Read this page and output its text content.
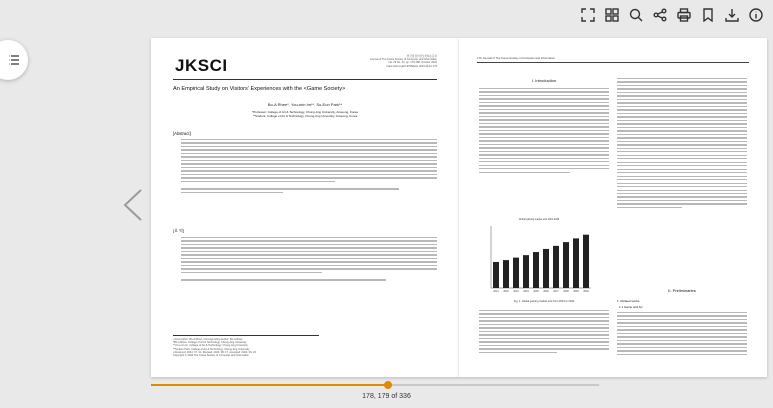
JKSCI	한국컴퓨터정보학회논문지
Journal of The Korea Society of Computer and Information
Vol. 29 No. 10, pp. 179-188, October 2024
https://doi.org/10.9708/jksci.2024.29.10.179
An Empirical Study on Visitors' Experiences with the <Game Society>
Bo-A Rhee*, You-min Im**, So-Eun Park**
*Professor, College of Art & Technology, Chung-Ang University, Anseong, Korea
**Student, College of Art & Technology, Chung-Ang University, Anseong, Korea
[Abstract]
[요 약]
• First Author: Bo-A Rhee, Corresponding Author: Bo-A Rhee
*Bo-A Rhee, College of Art & Technology, Chung-Ang University
**You-min Im, College of Art & Technology, Chung-Ang University
**So-Eun Park, College of Art & Technology, Chung-Ang University
• Received: 2024. 07. 31, Revised: 2024. 08. 17, Accepted: 2024. 09. 23.
Copyright © 2024 The Korea Society of Computer and Information
176 Journal of The Korea Society of Computer and Information
I. Introduction
Global gaming market size 2021-2030
2021 2022 2023 2024 2025 2026 2027 2028 2029 2030
Fig. 1. Global gaming market size from 2021 to 2030
II. Preliminaries
1. Related works
1.1 Game and Art
178, 179 of 336
